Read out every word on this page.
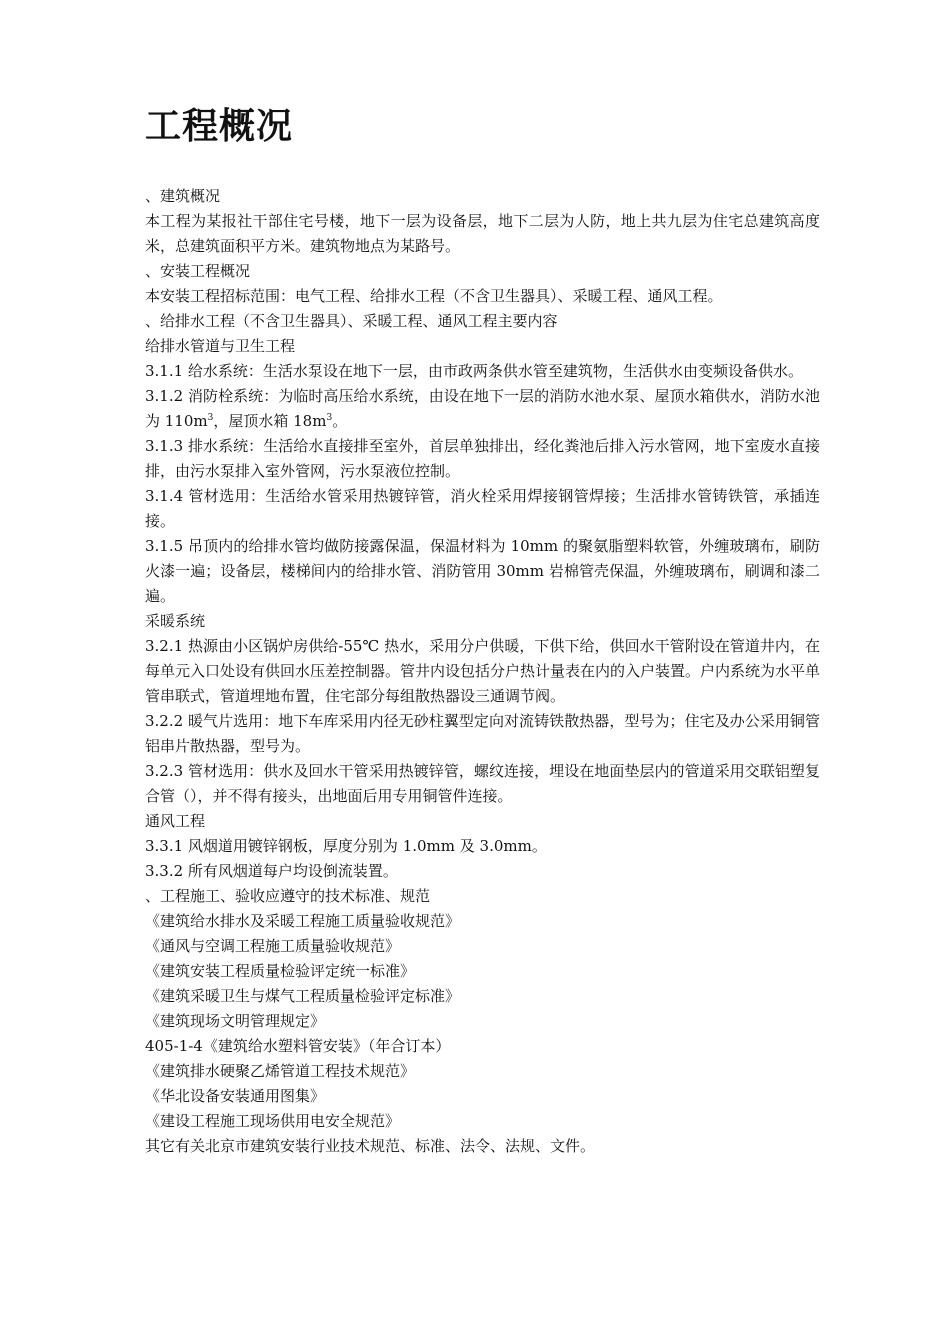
工程概况

、建筑概况

本工程为某报社干部住宅号楼，地下一层为设备层，地下二层为人防，地上共九层为住宅总建筑高度米，总建筑面积平方米。建筑物地点为某路号。

、安装工程概况

本安装工程招标范围：电气工程、给排水工程（不含卫生器具）、采暖工程、通风工程。

、给排水工程（不含卫生器具）、采暖工程、通风工程主要内容

给排水管道与卫生工程

3.1.1 给水系统：生活水泵设在地下一层，由市政两条供水管至建筑物，生活供水由变频设备供水。

3.1.2 消防栓系统：为临时高压给水系统，由设在地下一层的消防水池水泵、屋顶水箱供水，消防水池为 $110m^3$，屋顶水箱 $18m^3$。

3.1.3 排水系统：生活给水直接排至室外，首层单独排出，经化粪池后排入污水管网，地下室废水直接排，由污水泵排入室外管网，污水泵液位控制。

3.1.4 管材选用：生活给水管采用热镀锌管，消火栓采用焊接钢管焊接；生活排水管铸铁管，承插连接。

3.1.5 吊顶内的给排水管均做防接露保温，保温材料为 10mm 的聚氨脂塑料软管，外缠玻璃布，刷防火漆一遍；设备层，楼梯间内的给排水管、消防管用 30mm 岩棉管壳保温，外缠玻璃布，刷调和漆二遍。

采暖系统

3.2.1 热源由小区锅炉房供给-55℃ 热水，采用分户供暖，下供下给，供回水干管附设在管道井内，在每单元入口处设有供回水压差控制器。管井内设包括分户热计量表在内的入户装置。户内系统为水平单管串联式，管道埋地布置，住宅部分每组散热器设三通调节阀。

3.2.2 暖气片选用：地下车库采用内径无砂柱翼型定向对流铸铁散热器，型号为；住宅及办公采用铜管铝串片散热器，型号为。

3.2.3 管材选用：供水及回水干管采用热镀锌管，螺纹连接，埋设在地面垫层内的管道采用交联铝塑复合管（），并不得有接头，出地面后用专用铜管件连接。

通风工程

3.3.1 风烟道用镀锌钢板，厚度分别为 1.0mm 及 3.0mm。

3.3.2 所有风烟道每户均设倒流装置。

、工程施工、验收应遵守的技术标准、规范

《建筑给水排水及采暖工程施工质量验收规范》

《通风与空调工程施工质量验收规范》

《建筑安装工程质量检验评定统一标准》

《建筑采暖卫生与煤气工程质量检验评定标准》

《建筑现场文明管理规定》

405-1-4《建筑给水塑料管安装》（年合订本）

《建筑排水硬聚乙烯管道工程技术规范》

《华北设备安装通用图集》

《建设工程施工现场供用电安全规范》

其它有关北京市建筑安装行业技术规范、标准、法令、法规、文件。
